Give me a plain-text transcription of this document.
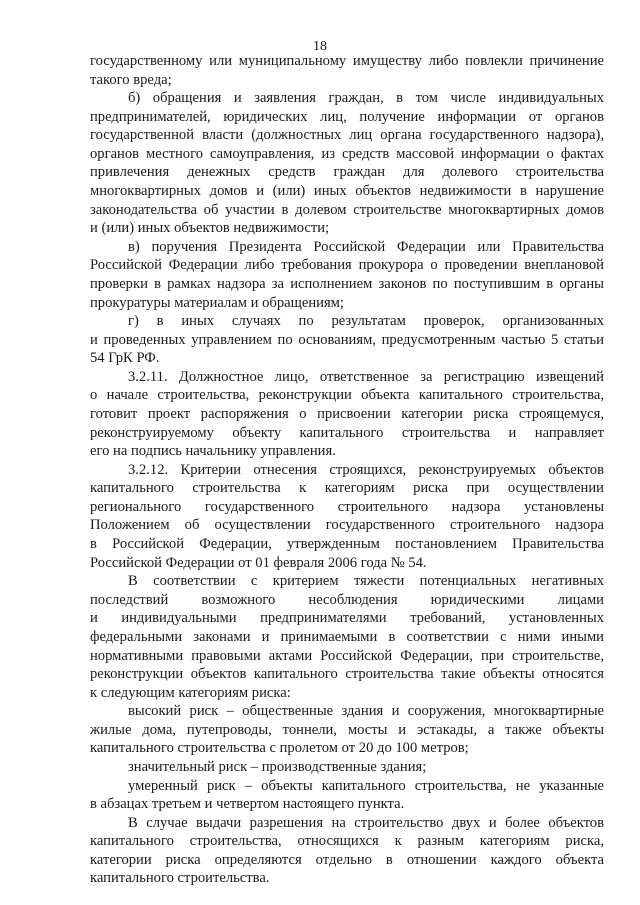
18
государственному или муниципальному имуществу либо повлекли причинение
такого вреда;
б) обращения и заявления граждан, в том числе индивидуальных
предпринимателей, юридических лиц, получение информации от органов
государственной власти (должностных лиц органа государственного надзора),
органов местного самоуправления, из средств массовой информации о фактах
привлечения денежных средств граждан для долевого строительства
многоквартирных домов и (или) иных объектов недвижимости в нарушение
законодательства об участии в долевом строительстве многоквартирных домов
и (или) иных объектов недвижимости;
в) поручения Президента Российской Федерации или Правительства
Российской Федерации либо требования прокурора о проведении внеплановой
проверки в рамках надзора за исполнением законов по поступившим в органы
прокуратуры материалам и обращениям;
г) в иных случаях по результатам проверок, организованных
и проведенных управлением по основаниям, предусмотренным частью 5 статьи
54 ГрК РФ.
3.2.11. Должностное лицо, ответственное за регистрацию извещений
о начале строительства, реконструкции объекта капитального строительства,
готовит проект распоряжения о присвоении категории риска строящемуся,
реконструируемому объекту капитального строительства и направляет
его на подпись начальнику управления.
3.2.12. Критерии отнесения строящихся, реконструируемых объектов
капитального строительства к категориям риска при осуществлении
регионального государственного строительного надзора установлены
Положением об осуществлении государственного строительного надзора
в Российской Федерации, утвержденным постановлением Правительства
Российской Федерации от 01 февраля 2006 года № 54.
В соответствии с критерием тяжести потенциальных негативных
последствий возможного несоблюдения юридическими лицами
и индивидуальными предпринимателями требований, установленных
федеральными законами и принимаемыми в соответствии с ними иными
нормативными правовыми актами Российской Федерации, при строительстве,
реконструкции объектов капитального строительства такие объекты относятся
к следующим категориям риска:
высокий риск – общественные здания и сооружения, многоквартирные
жилые дома, путепроводы, тоннели, мосты и эстакады, а также объекты
капитального строительства с пролетом от 20 до 100 метров;
значительный риск – производственные здания;
умеренный риск – объекты капитального строительства, не указанные
в абзацах третьем и четвертом настоящего пункта.
В случае выдачи разрешения на строительство двух и более объектов
капитального строительства, относящихся к разным категориям риска,
категории риска определяются отдельно в отношении каждого объекта
капитального строительства.
